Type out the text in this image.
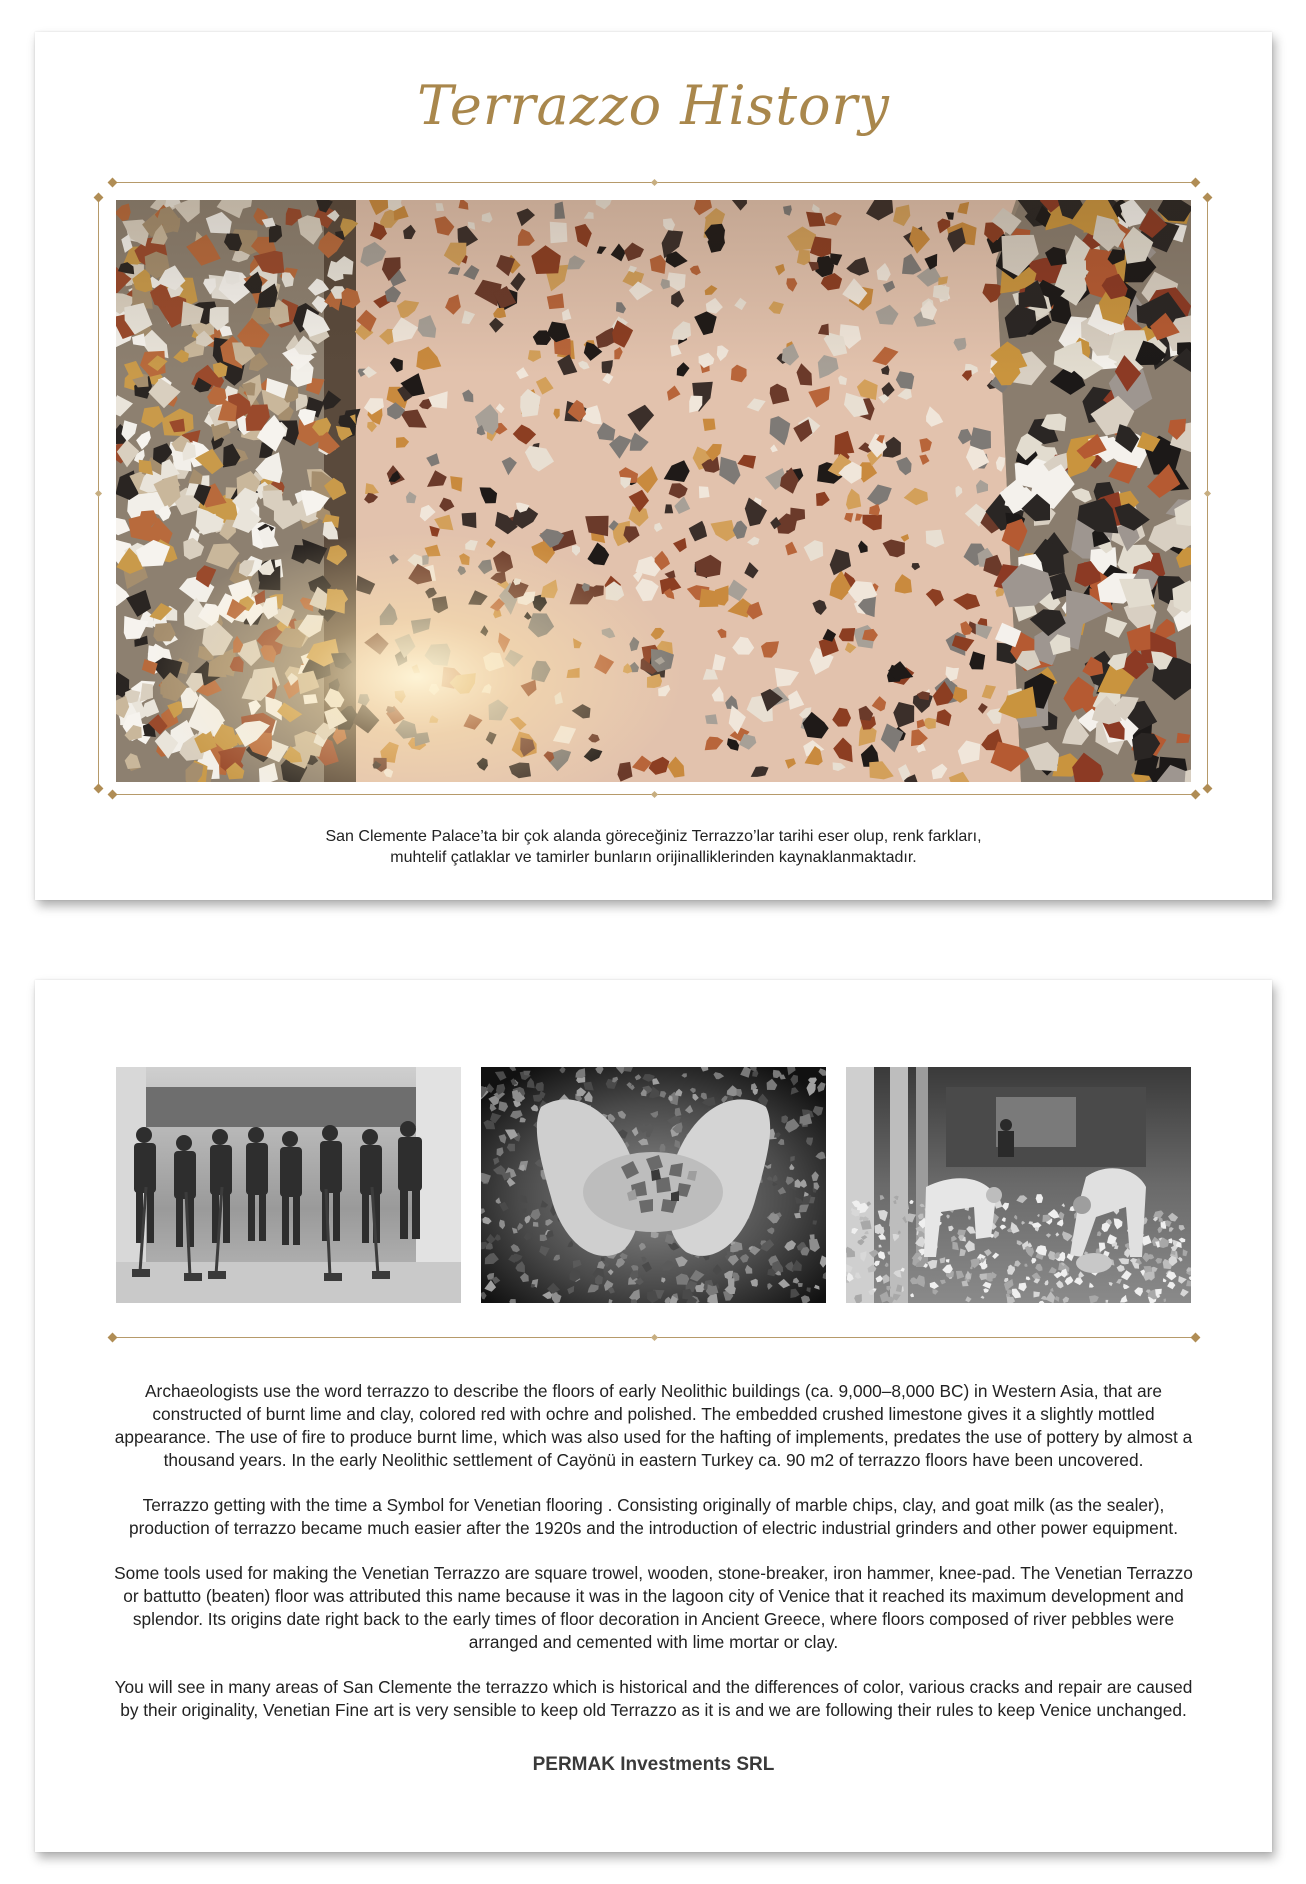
Terrazzo History
San Clemente Palace’ta bir çok alanda göreceğiniz Terrazzo’lar tarihi eser olup, renk farkları,
muhtelif çatlaklar ve tamirler bunların orijinalliklerinden kaynaklanmaktadır.

Archaeologists use the word terrazzo to describe the floors of early Neolithic buildings (ca. 9,000–8,000 BC) in Western Asia, that are constructed of burnt lime and clay, colored red with ochre and polished. The embedded crushed limestone gives it a slightly mottled appearance. The use of fire to produce burnt lime, which was also used for the hafting of implements, predates the use of pottery by almost a thousand years. In the early Neolithic settlement of Cayönü in eastern Turkey ca. 90 m2 of terrazzo floors have been uncovered.

Terrazzo getting with the time a Symbol for Venetian flooring . Consisting originally of marble chips, clay, and goat milk (as the sealer), production of terrazzo became much easier after the 1920s and the introduction of electric industrial grinders and other power equipment.

Some tools used for making the Venetian Terrazzo are square trowel, wooden, stone-breaker, iron hammer, knee-pad. The Venetian Terrazzo or battutto (beaten) floor was attributed this name because it was in the lagoon city of Venice that it reached its maximum development and splendor. Its origins date right back to the early times of floor decoration in Ancient Greece, where floors composed of river pebbles were arranged and cemented with lime mortar or clay.

You will see in many areas of San Clemente the terrazzo which is historical and the differences of color, various cracks and repair are caused by their originality, Venetian Fine art is very sensible to keep old Terrazzo as it is and we are following their rules to keep Venice unchanged.

PERMAK Investments SRL
